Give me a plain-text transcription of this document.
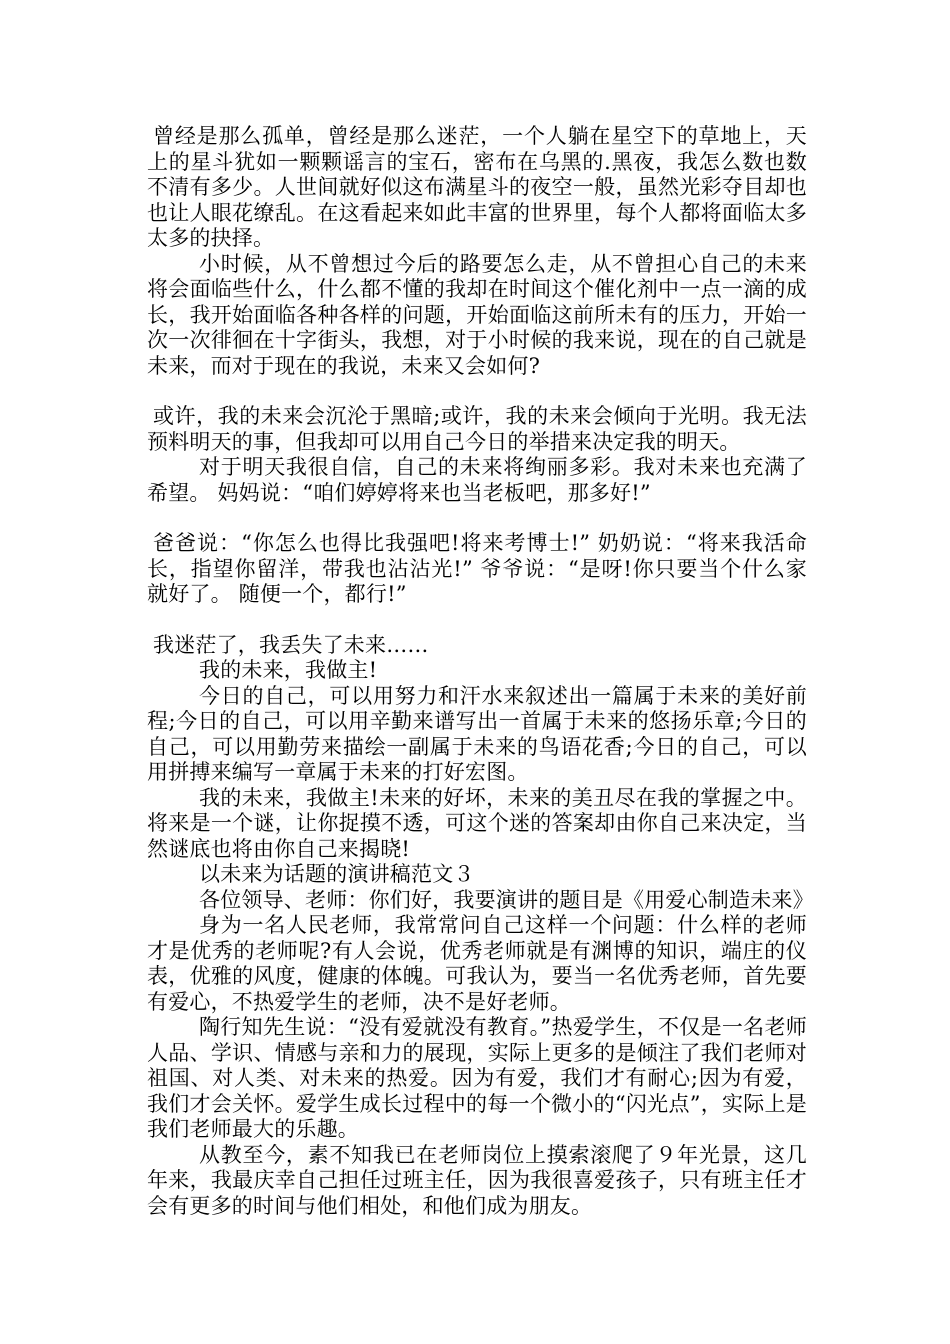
曾经是那么孤单，曾经是那么迷茫，一个人躺在星空下的草地上，天上的星斗犹如一颗颗谣言的宝石，密布在乌黑的.黑夜，我怎么数也数不清有多少。人世间就好似这布满星斗的夜空一般，虽然光彩夺目却也也让人眼花缭乱。在这看起来如此丰富的世界里，每个人都将面临太多太多的抉择。

小时候，从不曾想过今后的路要怎么走，从不曾担心自己的未来将会面临些什么，什么都不懂的我却在时间这个催化剂中一点一滴的成长，我开始面临各种各样的问题，开始面临这前所未有的压力，开始一次一次徘徊在十字街头，我想，对于小时候的我来说，现在的自己就是未来，而对于现在的我说，未来又会如何?

或许，我的未来会沉沦于黑暗;或许，我的未来会倾向于光明。我无法预料明天的事，但我却可以用自己今日的举措来决定我的明天。

对于明天我很自信，自己的未来将绚丽多彩。我对未来也充满了希望。 妈妈说：“咱们婷婷将来也当老板吧，那多好!”

爸爸说：“你怎么也得比我强吧!将来考博士!” 奶奶说：“将来我活命长，指望你留洋，带我也沾沾光!” 爷爷说：“是呀!你只要当个什么家就好了。 随便一个，都行!”

我迷茫了，我丢失了未来……

我的未来，我做主!

今日的自己，可以用努力和汗水来叙述出一篇属于未来的美好前程;今日的自己，可以用辛勤来谱写出一首属于未来的悠扬乐章;今日的自己，可以用勤劳来描绘一副属于未来的鸟语花香;今日的自己，可以用拼搏来编写一章属于未来的打好宏图。

我的未来，我做主!未来的好坏，未来的美丑尽在我的掌握之中。将来是一个谜，让你捉摸不透，可这个迷的答案却由你自己来决定，当然谜底也将由你自己来揭晓!

以未来为话题的演讲稿范文３

各位领导、老师：你们好，我要演讲的题目是《用爱心制造未来》

身为一名人民老师，我常常问自己这样一个问题：什么样的老师才是优秀的老师呢?有人会说，优秀老师就是有渊博的知识，端庄的仪表，优雅的风度，健康的体魄。可我认为，要当一名优秀老师，首先要有爱心，不热爱学生的老师，决不是好老师。

陶行知先生说：“没有爱就没有教育。”热爱学生，不仅是一名老师人品、学识、情感与亲和力的展现，实际上更多的是倾注了我们老师对祖国、对人类、对未来的热爱。因为有爱，我们才有耐心;因为有爱，我们才会关怀。爱学生成长过程中的每一个微小的“闪光点”，实际上是我们老师最大的乐趣。

从教至今，素不知我已在老师岗位上摸索滚爬了９年光景，这几年来，我最庆幸自己担任过班主任，因为我很喜爱孩子，只有班主任才会有更多的时间与他们相处，和他们成为朋友。
